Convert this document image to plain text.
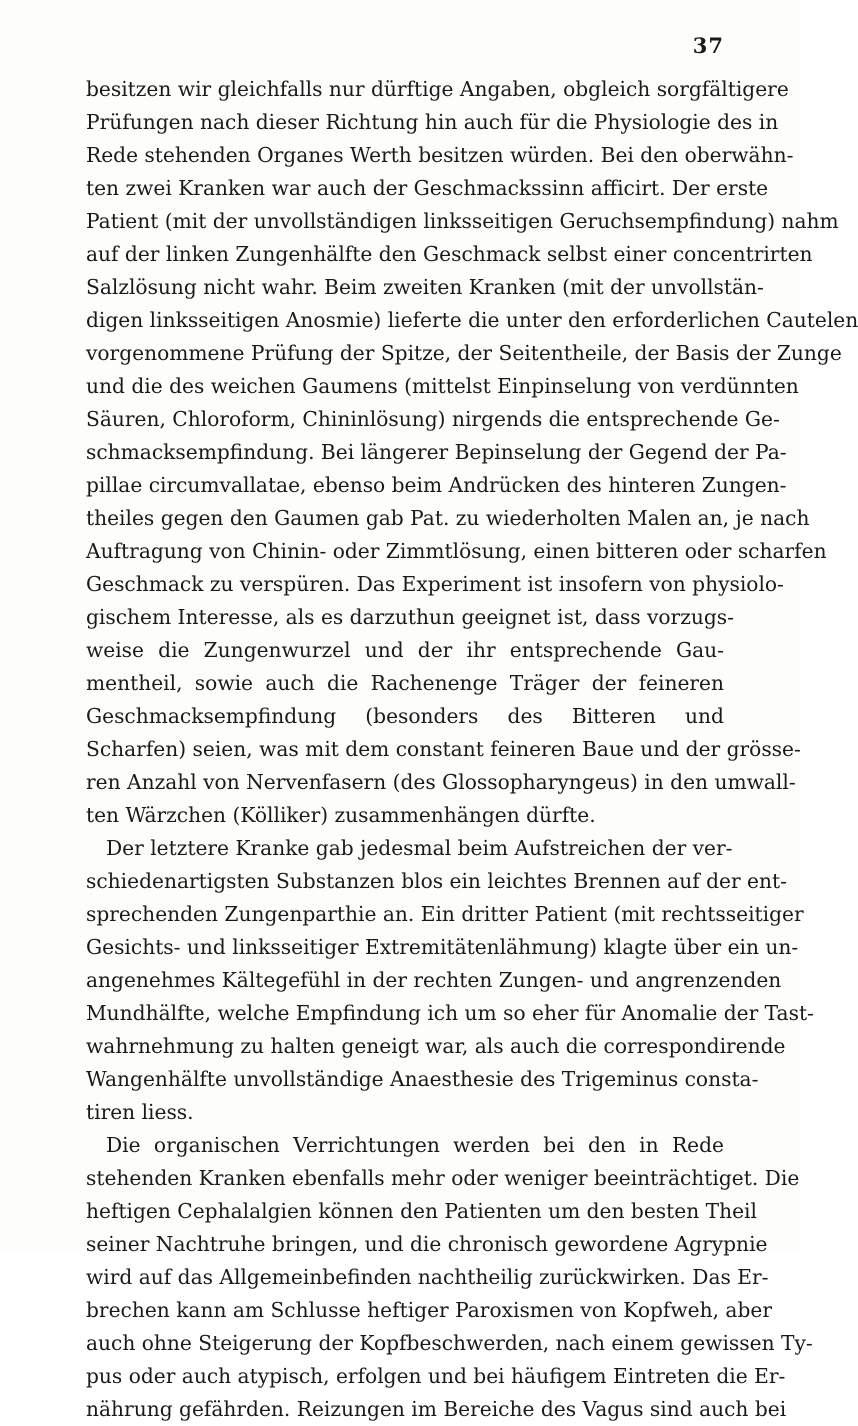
37
besitzen wir gleichfalls nur dürftige Angaben, obgleich sorgfältigere
Prüfungen nach dieser Richtung hin auch für die Physiologie des in
Rede stehenden Organes Werth besitzen würden. Bei den oberwähn-
ten zwei Kranken war auch der Geschmackssinn afficirt. Der erste
Patient (mit der unvollständigen linksseitigen Geruchsempfindung) nahm
auf der linken Zungenhälfte den Geschmack selbst einer concentrirten
Salzlösung nicht wahr. Beim zweiten Kranken (mit der unvollstän-
digen linksseitigen Anosmie) lieferte die unter den erforderlichen Cautelen
vorgenommene Prüfung der Spitze, der Seitentheile, der Basis der Zunge
und die des weichen Gaumens (mittelst Einpinselung von verdünnten
Säuren, Chloroform, Chininlösung) nirgends die entsprechende Ge-
schmacksempfindung. Bei längerer Bepinselung der Gegend der Pa-
pillae circumvallatae, ebenso beim Andrücken des hinteren Zungen-
theiles gegen den Gaumen gab Pat. zu wiederholten Malen an, je nach
Auftragung von Chinin- oder Zimmtlösung, einen bitteren oder scharfen
Geschmack zu verspüren. Das Experiment ist insofern von physiolo-
gischem Interesse, als es darzuthun geeignet ist, dass vorzugs-
weise die Zungenwurzel und der ihr entsprechende Gau-
mentheil, sowie auch die Rachenenge Träger der feineren
Geschmacksempfindung (besonders des Bitteren und
Scharfen) seien, was mit dem constant feineren Baue und der grösse-
ren Anzahl von Nervenfasern (des Glossopharyngeus) in den umwall-
ten Wärzchen (Kölliker) zusammenhängen dürfte.
Der letztere Kranke gab jedesmal beim Aufstreichen der ver-
schiedenartigsten Substanzen blos ein leichtes Brennen auf der ent-
sprechenden Zungenparthie an. Ein dritter Patient (mit rechtsseitiger
Gesichts- und linksseitiger Extremitätenlähmung) klagte über ein un-
angenehmes Kältegefühl in der rechten Zungen- und angrenzenden
Mundhälfte, welche Empfindung ich um so eher für Anomalie der Tast-
wahrnehmung zu halten geneigt war, als auch die correspondirende
Wangenhälfte unvollständige Anaesthesie des Trigeminus consta-
tiren liess.
Die organischen Verrichtungen werden bei den in Rede
stehenden Kranken ebenfalls mehr oder weniger beeinträchtiget. Die
heftigen Cephalalgien können den Patienten um den besten Theil
seiner Nachtruhe bringen, und die chronisch gewordene Agrypnie
wird auf das Allgemeinbefinden nachtheilig zurückwirken. Das Er-
brechen kann am Schlusse heftiger Paroxismen von Kopfweh, aber
auch ohne Steigerung der Kopfbeschwerden, nach einem gewissen Ty-
pus oder auch atypisch, erfolgen und bei häufigem Eintreten die Er-
nährung gefährden. Reizungen im Bereiche des Vagus sind auch bei
